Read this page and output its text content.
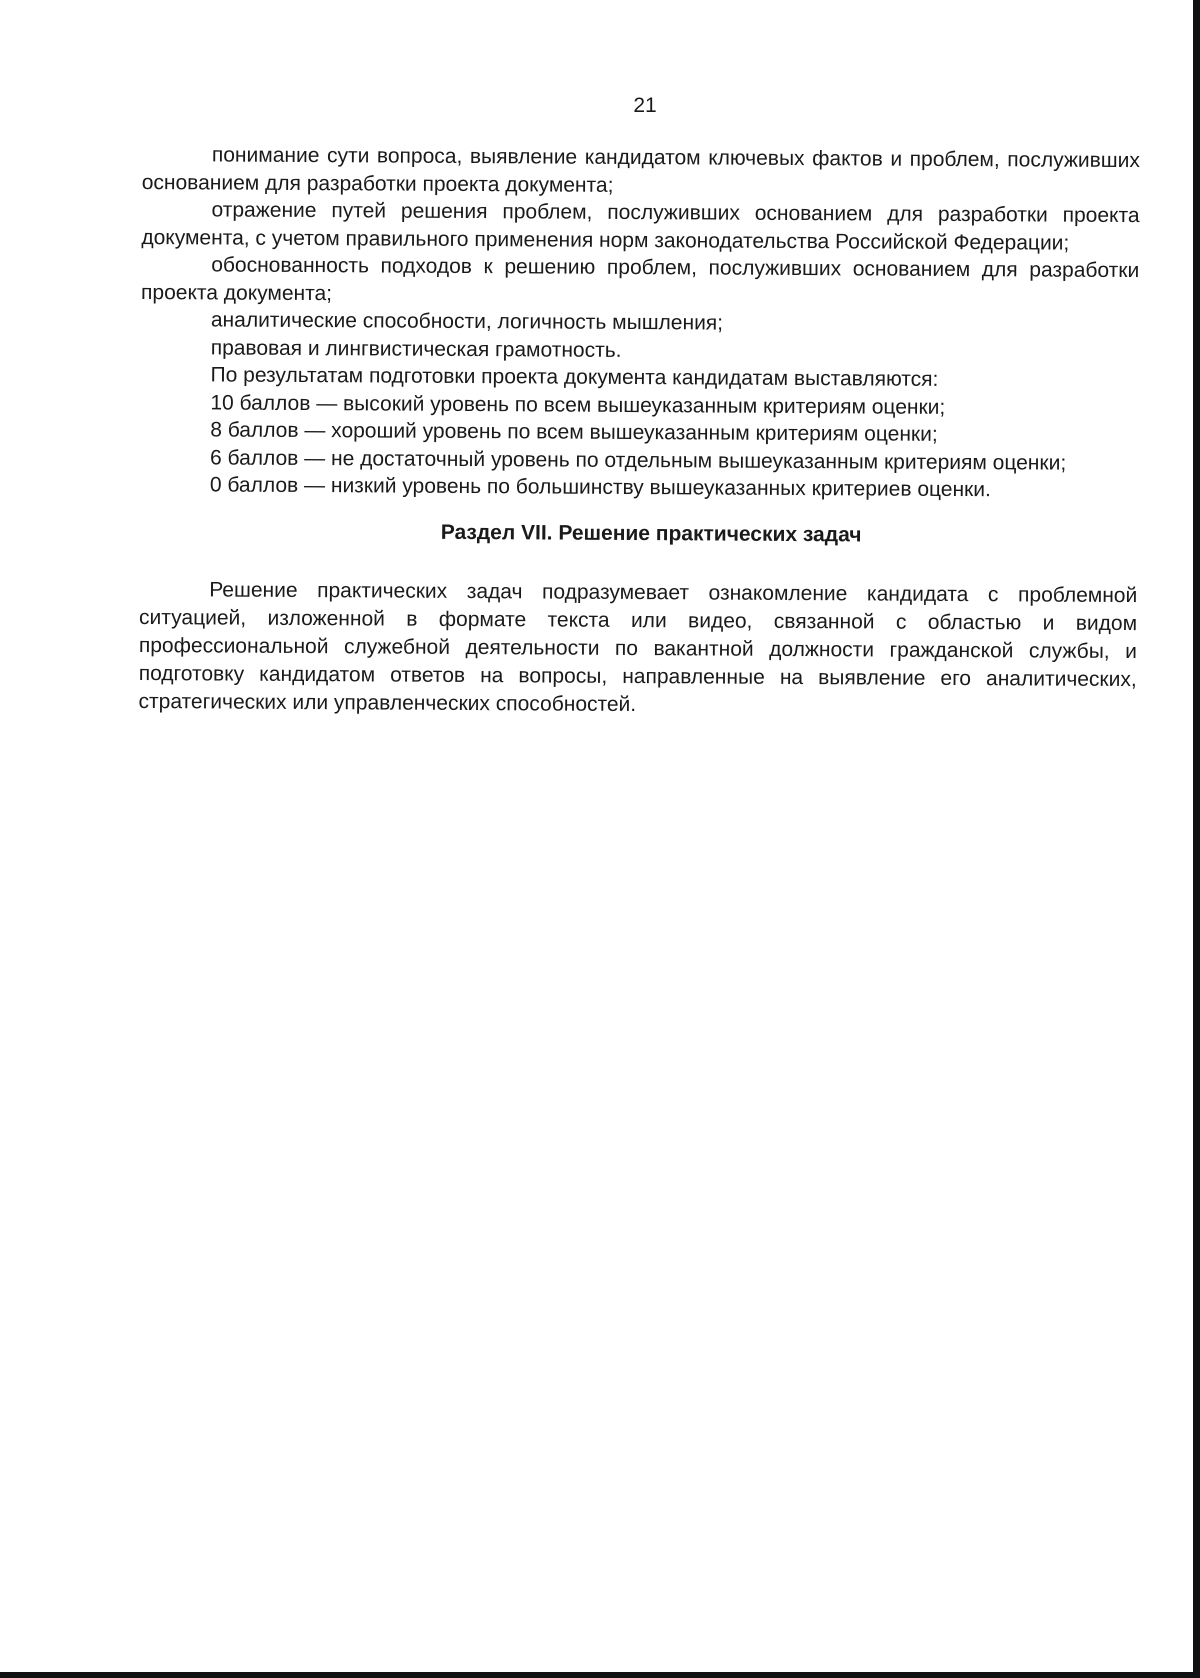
21

понимание сути вопроса, выявление кандидатом ключевых фактов и проблем, послуживших основанием для разработки проекта документа;

отражение путей решения проблем, послуживших основанием для разработки проекта документа, с учетом правильного применения норм законодательства Российской Федерации;

обоснованность подходов к решению проблем, послуживших основанием для разработки проекта документа;

аналитические способности, логичность мышления;

правовая и лингвистическая грамотность.

По результатам подготовки проекта документа кандидатам выставляются:

10 баллов — высокий уровень по всем вышеуказанным критериям оценки;

8 баллов — хороший уровень по всем вышеуказанным критериям оценки;

6 баллов — не достаточный уровень по отдельным вышеуказанным критериям оценки;

0 баллов — низкий уровень по большинству вышеуказанных критериев оценки.

Раздел VII. Решение практических задач

Решение практических задач подразумевает ознакомление кандидата с проблемной ситуацией, изложенной в формате текста или видео, связанной с областью и видом профессиональной служебной деятельности по вакантной должности гражданской службы, и подготовку кандидатом ответов на вопросы, направленные на выявление его аналитических, стратегических или управленческих способностей.
